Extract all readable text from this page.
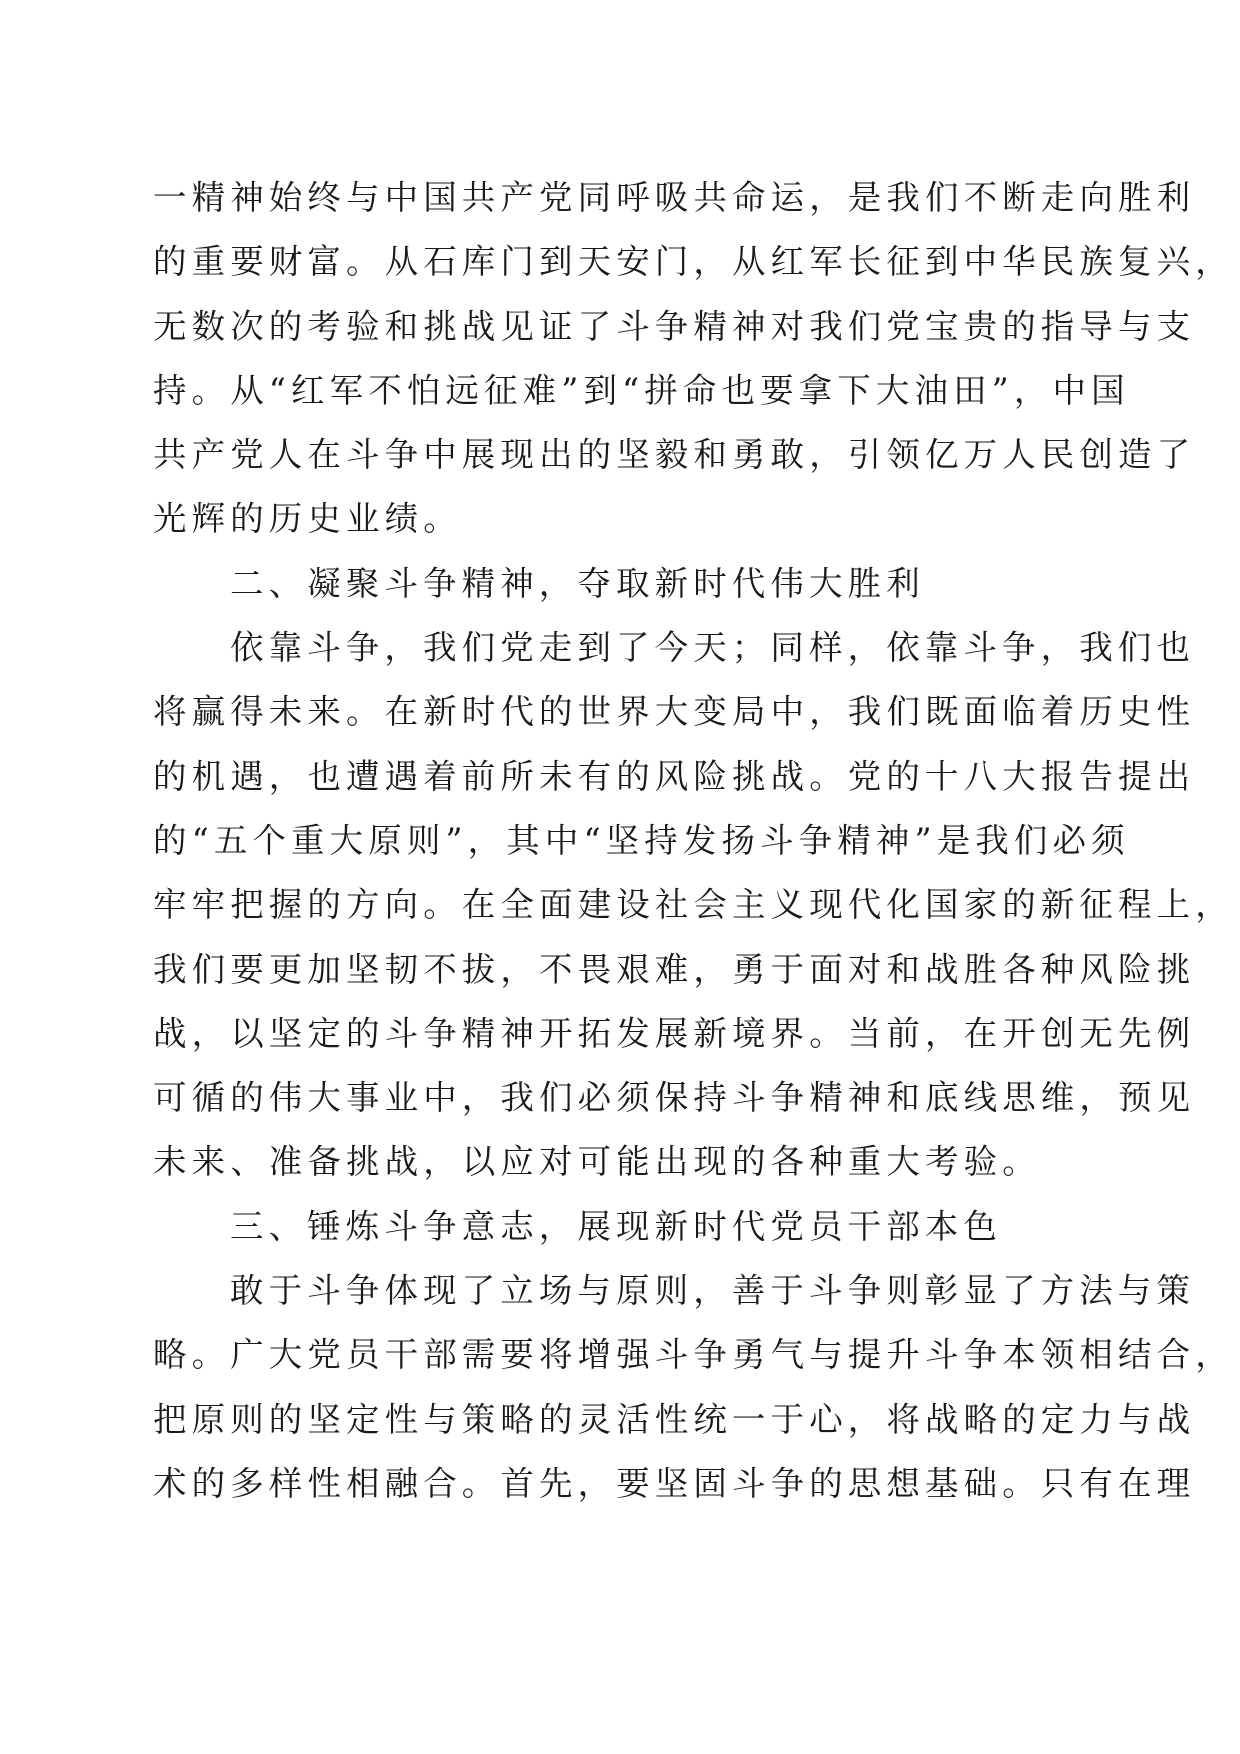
一精神始终与中国共产党同呼吸共命运，是我们不断走向胜利
的重要财富。从石库门到天安门，从红军长征到中华民族复兴，
无数次的考验和挑战见证了斗争精神对我们党宝贵的指导与支
持。从“红军不怕远征难”到“拼命也要拿下大油田”，中国
共产党人在斗争中展现出的坚毅和勇敢，引领亿万人民创造了
光辉的历史业绩。
二、凝聚斗争精神，夺取新时代伟大胜利
依靠斗争，我们党走到了今天；同样，依靠斗争，我们也
将赢得未来。在新时代的世界大变局中，我们既面临着历史性
的机遇，也遭遇着前所未有的风险挑战。党的十八大报告提出
的“五个重大原则”，其中“坚持发扬斗争精神”是我们必须
牢牢把握的方向。在全面建设社会主义现代化国家的新征程上，
我们要更加坚韧不拔，不畏艰难，勇于面对和战胜各种风险挑
战，以坚定的斗争精神开拓发展新境界。当前，在开创无先例
可循的伟大事业中，我们必须保持斗争精神和底线思维，预见
未来、准备挑战，以应对可能出现的各种重大考验。
三、锤炼斗争意志，展现新时代党员干部本色
敢于斗争体现了立场与原则，善于斗争则彰显了方法与策
略。广大党员干部需要将增强斗争勇气与提升斗争本领相结合，
把原则的坚定性与策略的灵活性统一于心，将战略的定力与战
术的多样性相融合。首先，要坚固斗争的思想基础。只有在理
